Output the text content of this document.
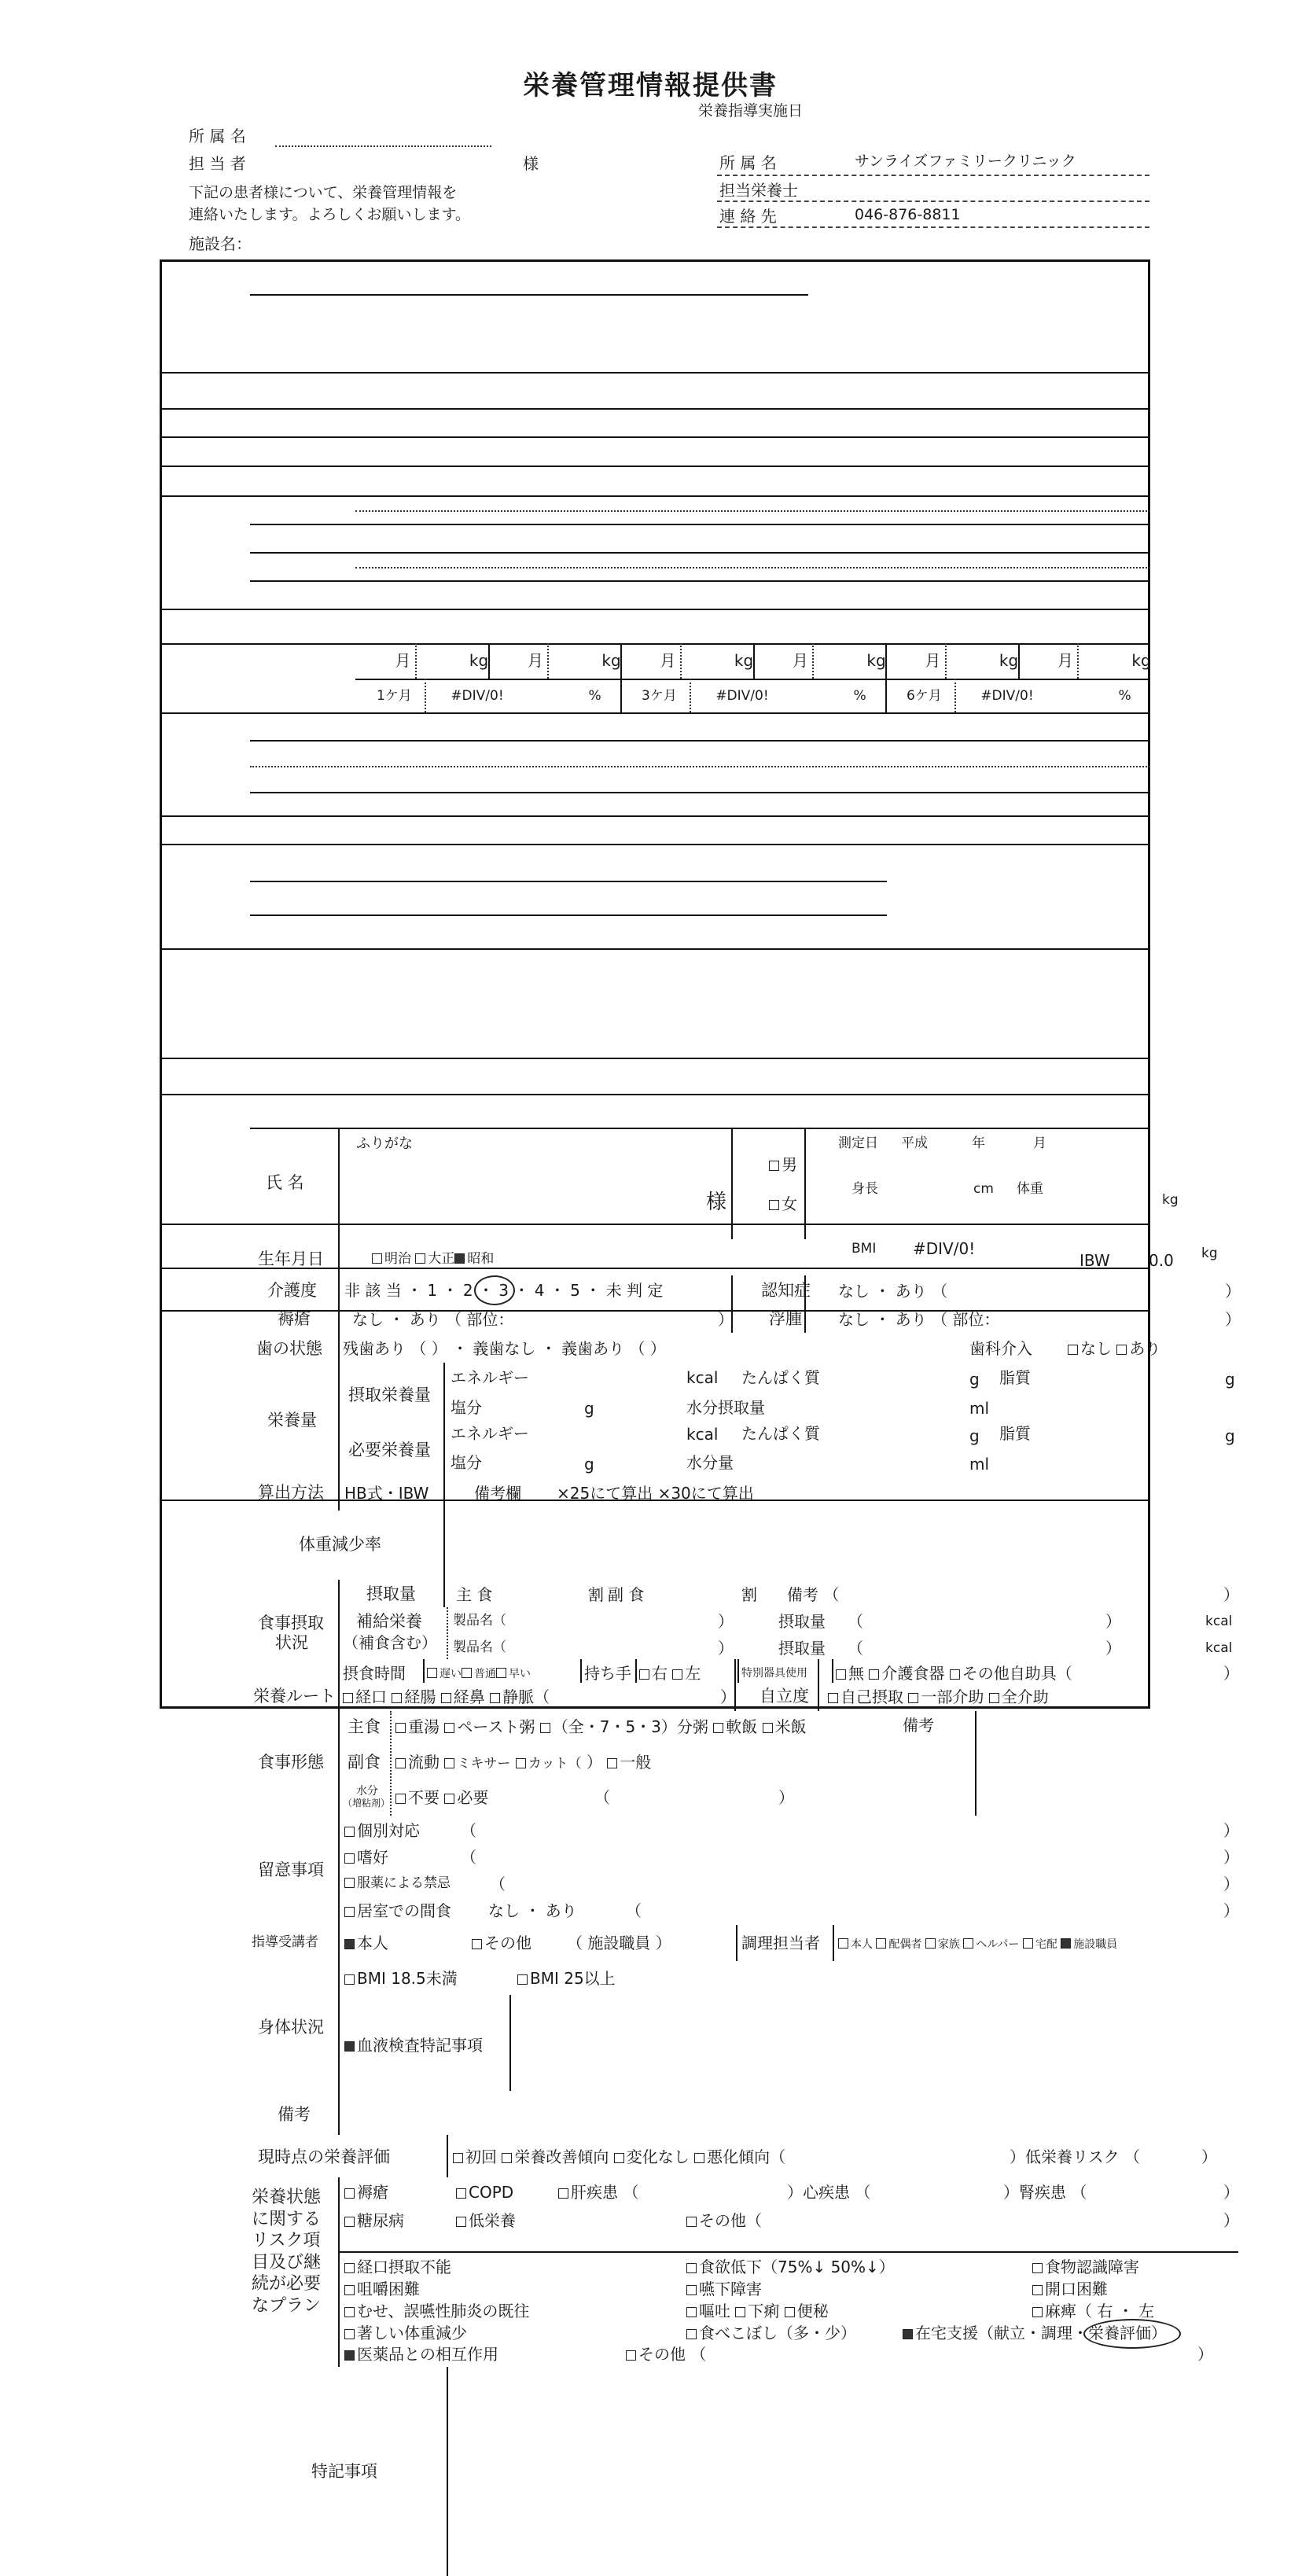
栄養管理情報提供書
栄養指導実施日
所 属 名
担 当 者	様
下記の患者様について、栄養管理情報を
連絡いたします。よろしくお願いします。
施設名：
所 属 名	サンライズファミリークリニック
担当栄養士
連 絡 先	046-876-8811
ふりがな
氏 名
様
男
女
測定日 平成	年	月
身長	cm 体重
kg
BMI #DIV/0!
IBW 0.0 kg
生年月日	明治 大正 昭和
介護度 非 該 当 ・ 1 ・ 2 ・ 3 ・ 4 ・ 5 ・ 未 判 定	認知症 なし ・ あり （	）
褥瘡	なし ・ あり （ 部位：	） 浮腫 なし ・ あり （ 部位：	）
歯の状態 残歯あり （ ） ・ 義歯なし ・ 義歯あり （ ）	歯科介入	なし あり
栄養量
摂取栄養量
必要栄養量
エネルギー	kcal たんぱく質	g 脂質	g
塩分	g	水分摂取量	ml
エネルギー	kcal たんぱく質	g 脂質	g
塩分	g	水分量	ml
算出方法 HB式・IBW	備考欄 ×25にて算出 ×30にて算出
体重減少率
食事摂取
状況
摂取量	主 食	割 副 食	割 備考 （	）
補給栄養
（補食含む）
製品名（	）	摂取量 （	）	kcal
製品名（	）	摂取量 （	）	kcal
摂食時間	遅い 普通 早い	持ち手	右 左	特別器具使用	無 介護食器 その他自助具（	）
栄養ルート	経口 経腸 経鼻 静脈（	） 自立度	自己摂取 一部介助 全介助
食事形態
主食	重湯 ペースト粥 （全・7・5・3）分粥 軟飯 米飯	備考
副食	流動 ミキサー カット（ ） 一般
水分
（増粘剤）	不要 必要	（	）
留意事項
個別対応	（	）
嗜好	（	）
服薬による禁忌	（	）
居室での間食 なし ・ あり	（	）
指導受講者	本人	その他 （ 施設職員 ）	調理担当者	本人 配偶者 家族 ヘルパー 宅配 施設職員
身体状況
BMI 18.5未満	BMI 25以上
血液検査特記事項
備考
現時点の栄養評価	初回 栄養改善傾向 変化なし 悪化傾向（	）低栄養リスク （	）
栄養状態
に関する
リスク項
目及び継
続が必要
なプラン
褥瘡	COPD	肝疾患 （	）心疾患 （	）腎疾患 （	）
糖尿病	低栄養	その他（	）
経口摂取不能	食欲低下（75%↓ 50%↓）	食物認識障害
咀嚼困難	嚥下障害	開口困難
むせ、誤嚥性肺炎の既往	嘔吐 下痢 便秘	麻痺（ 右 ・ 左
著しい体重減少	食べこぼし（多・少）	在宅支援（献立・調理・栄養評価）
医薬品との相互作用	その他 （	）
特記事項
月	kg 月	kg 月	kg 月	kg 月	kg 月	kg
1ケ月	#DIV/0!	%	3ケ月	#DIV/0!	%	6ケ月	#DIV/0!	%
